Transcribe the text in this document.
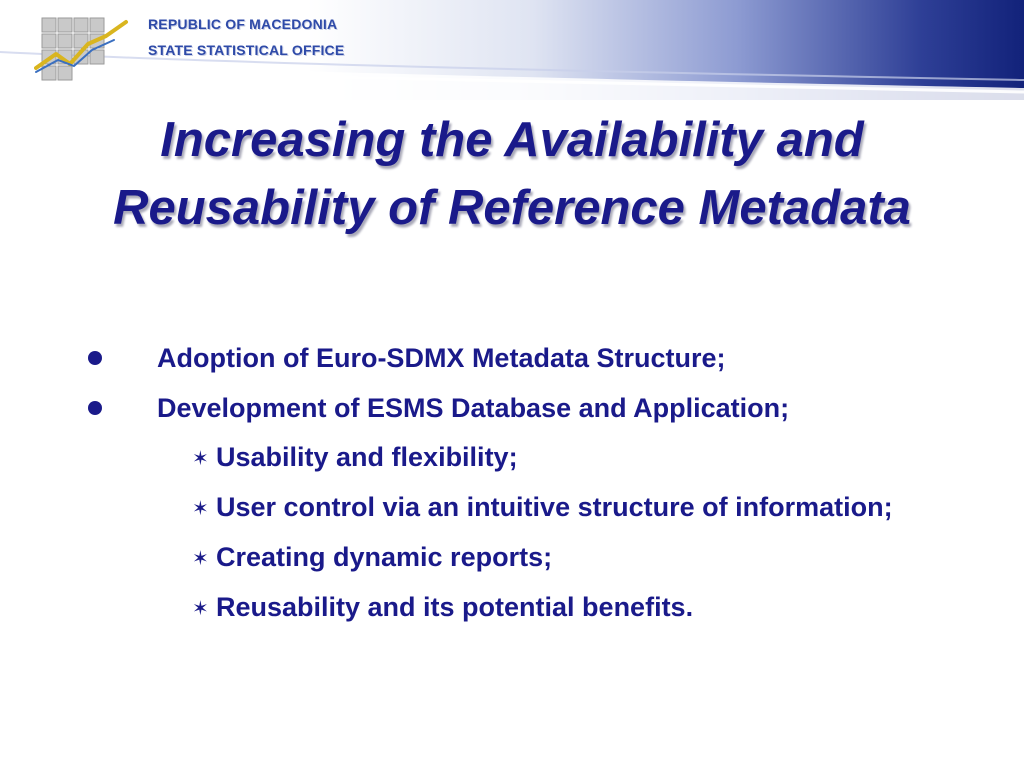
REPUBLIC OF MACEDONIA
STATE STATISTICAL OFFICE
Increasing the Availability and Reusability of Reference Metadata
Adoption of Euro-SDMX Metadata Structure;
Development of ESMS Database and Application;
✶ Usability and flexibility;
✶ User control via an intuitive structure of information;
✶ Creating dynamic reports;
✶ Reusability and its potential benefits.
